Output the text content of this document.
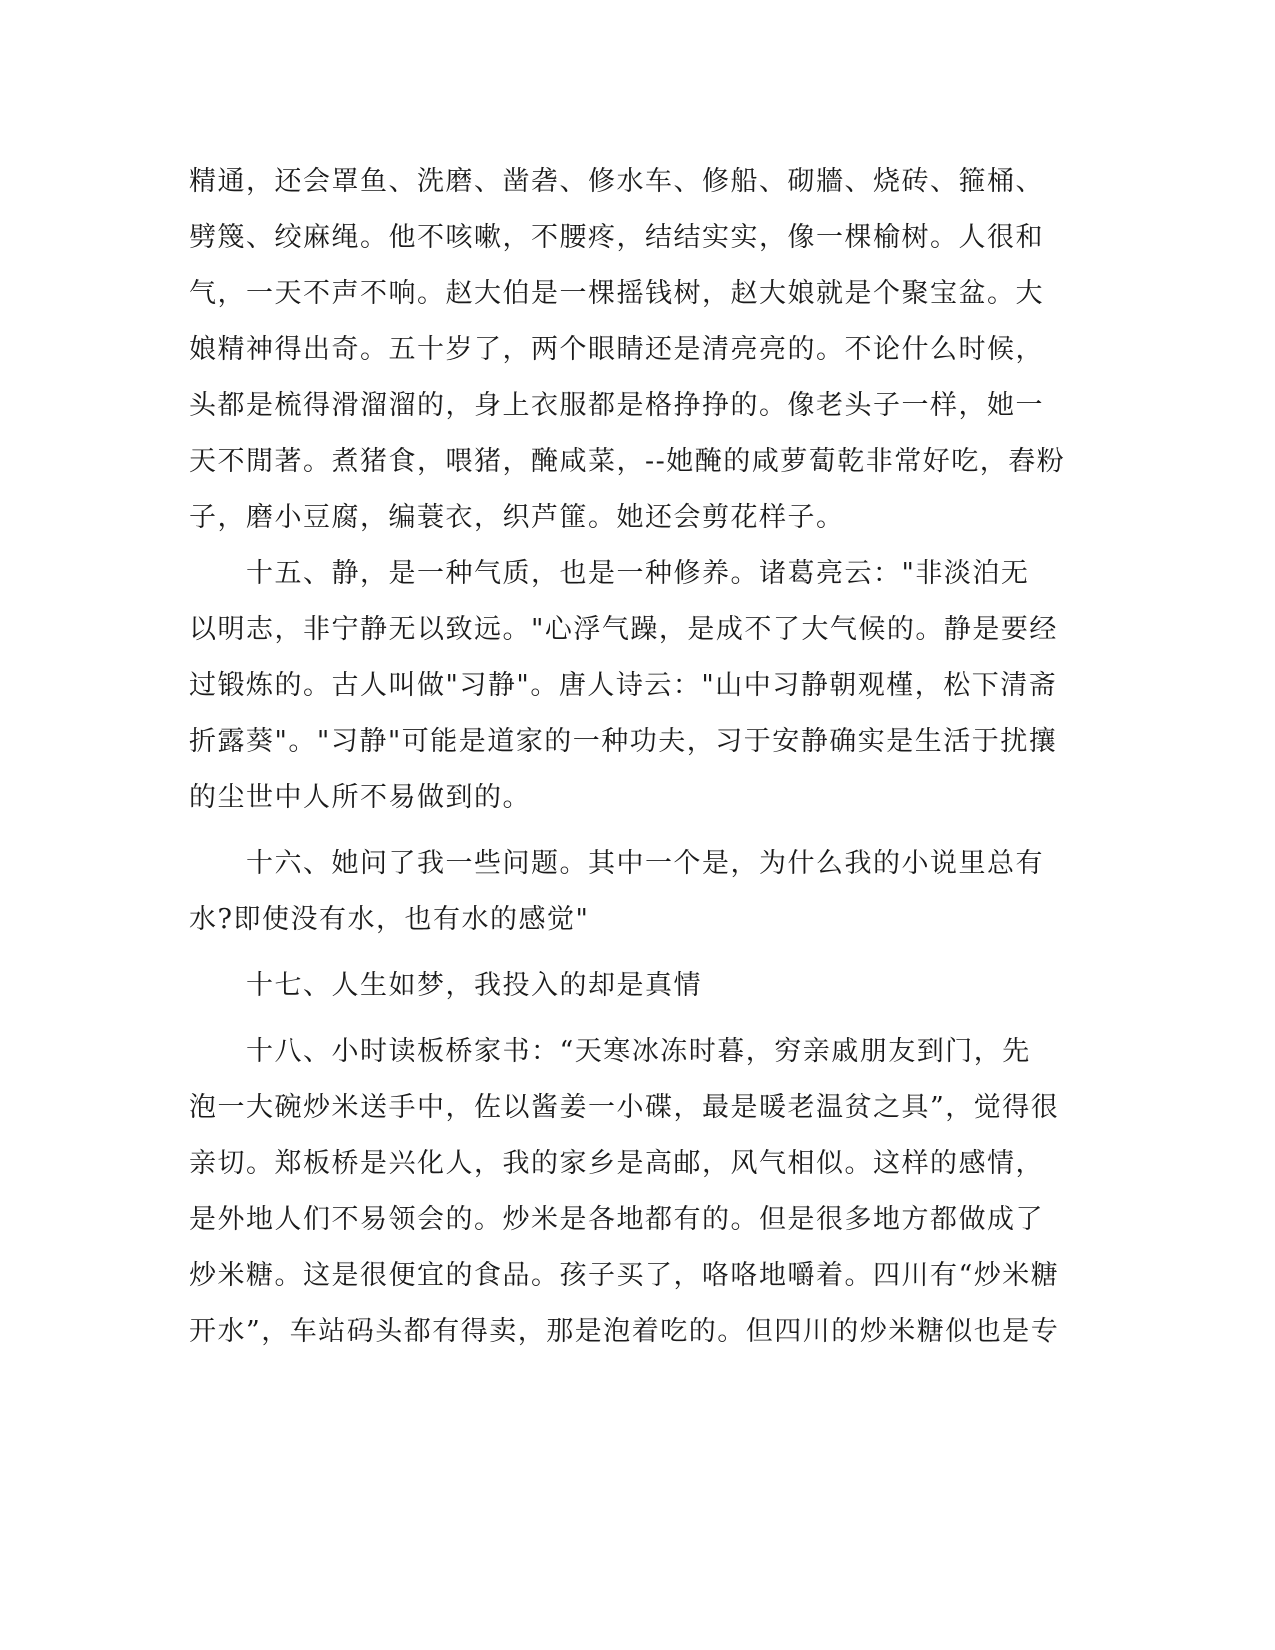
精通，还会罩鱼、洗磨、凿砻、修水车、修船、砌牆、烧砖、箍桶、
劈篾、绞麻绳。他不咳嗽，不腰疼，结结实实，像一棵榆树。人很和
气，一天不声不响。赵大伯是一棵摇钱树，赵大娘就是个聚宝盆。大
娘精神得出奇。五十岁了，两个眼睛还是清亮亮的。不论什么时候，
头都是梳得滑溜溜的，身上衣服都是格挣挣的。像老头子一样，她一
天不閒著。煮猪食，喂猪，醃咸菜，--她醃的咸萝蔔乾非常好吃，舂粉
子，磨小豆腐，编蓑衣，织芦篚。她还会剪花样子。
　　十五、静，是一种气质，也是一种修养。诸葛亮云："非淡泊无
以明志，非宁静无以致远。"心浮气躁，是成不了大气候的。静是要经
过锻炼的。古人叫做"习静"。唐人诗云："山中习静朝观槿，松下清斋
折露葵"。"习静"可能是道家的一种功夫，习于安静确实是生活于扰攘
的尘世中人所不易做到的。
　　十六、她问了我一些问题。其中一个是，为什么我的小说里总有
水?即使没有水，也有水的感觉"
　　十七、人生如梦，我投入的却是真情
　　十八、小时读板桥家书：“天寒冰冻时暮，穷亲戚朋友到门，先
泡一大碗炒米送手中，佐以酱姜一小碟，最是暖老温贫之具”，觉得很
亲切。郑板桥是兴化人，我的家乡是高邮，风气相似。这样的感情，
是外地人们不易领会的。炒米是各地都有的。但是很多地方都做成了
炒米糖。这是很便宜的食品。孩子买了，咯咯地嚼着。四川有“炒米糖
开水”，车站码头都有得卖，那是泡着吃的。但四川的炒米糖似也是专
